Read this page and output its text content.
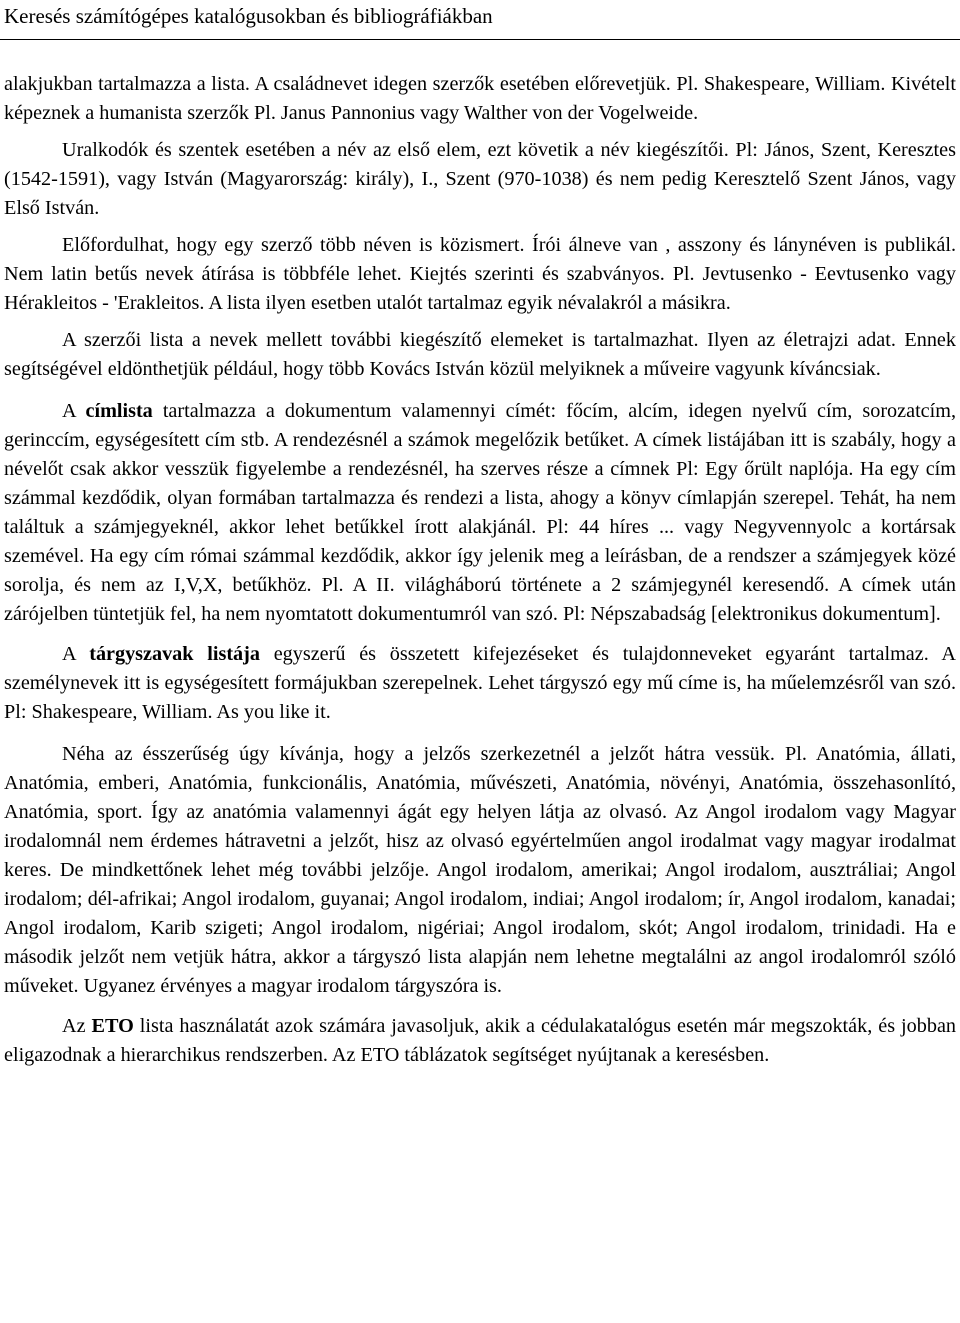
Keresés számítógépes katalógusokban és bibliográfiákban

alakjukban tartalmazza a lista. A családnevet idegen szerzők esetében előrevetjük. Pl. Shakespeare, William. Kivételt képeznek a humanista szerzők Pl. Janus Pannonius vagy Walther von der Vogelweide.

Uralkodók és szentek esetében a név az első elem, ezt követik a név kiegészítői. Pl: János, Szent, Keresztes (1542-1591), vagy István (Magyarország: király), I., Szent (970-1038) és nem pedig Keresztelő Szent János, vagy Első István.

Előfordulhat, hogy egy szerző több néven is közismert. Írói álneve van , asszony és lánynéven is publikál. Nem latin betűs nevek átírása is többféle lehet. Kiejtés szerinti és szabványos. Pl. Jevtusenko - Eevtusenko vagy Hérakleitos - 'Erakleitos. A lista ilyen esetben utalót tartalmaz egyik névalakról a másikra.

A szerzői lista a nevek mellett további kiegészítő elemeket is tartalmazhat. Ilyen az életrajzi adat. Ennek segítségével eldönthetjük például, hogy több Kovács István közül melyiknek a műveire vagyunk kíváncsiak.

A címlista tartalmazza a dokumentum valamennyi címét: főcím, alcím, idegen nyelvű cím, sorozatcím, gerinccím, egységesített cím stb. A rendezésnél a számok megelőzik betűket. A címek listájában itt is szabály, hogy a névelőt csak akkor vesszük figyelembe a rendezésnél, ha szerves része a címnek Pl: Egy őrült naplója. Ha egy cím számmal kezdődik, olyan formában tartalmazza és rendezi a lista, ahogy a könyv címlapján szerepel. Tehát, ha nem találtuk a számjegyeknél, akkor lehet betűkkel írott alakjánál. Pl: 44 híres ... vagy Negyvennyolc a kortársak szemével. Ha egy cím római számmal kezdődik, akkor így jelenik meg a leírásban, de a rendszer a számjegyek közé sorolja, és nem az I,V,X, betűkhöz. Pl. A II. világháború története a 2 számjegynél keresendő. A címek után zárójelben tüntetjük fel, ha nem nyomtatott dokumentumról van szó. Pl: Népszabadság [elektronikus dokumentum].

A tárgyszavak listája egyszerű és összetett kifejezéseket és tulajdonneveket egyaránt tartalmaz. A személynevek itt is egységesített formájukban szerepelnek. Lehet tárgyszó egy mű címe is, ha műelemzésről van szó. Pl: Shakespeare, William. As you like it.

Néha az ésszerűség úgy kívánja, hogy a jelzős szerkezetnél a jelzőt hátra vessük. Pl. Anatómia, állati, Anatómia, emberi, Anatómia, funkcionális, Anatómia, művészeti, Anatómia, növényi, Anatómia, összehasonlító, Anatómia, sport. Így az anatómia valamennyi ágát egy helyen látja az olvasó. Az Angol irodalom vagy Magyar irodalomnál nem érdemes hátravetni a jelzőt, hisz az olvasó egyértelműen angol irodalmat vagy magyar irodalmat keres. De mindkettőnek lehet még további jelzője. Angol irodalom, amerikai; Angol irodalom, ausztráliai; Angol irodalom; dél-afrikai; Angol irodalom, guyanai; Angol irodalom, indiai; Angol irodalom; ír, Angol irodalom, kanadai; Angol irodalom, Karib szigeti; Angol irodalom, nigériai; Angol irodalom, skót; Angol irodalom, trinidadi. Ha e második jelzőt nem vetjük hátra, akkor a tárgyszó lista alapján nem lehetne megtalálni az angol irodalomról szóló műveket. Ugyanez érvényes a magyar irodalom tárgyszóra is.

Az ETO lista használatát azok számára javasoljuk, akik a cédulakatalógus esetén már megszokták, és jobban eligazodnak a hierarchikus rendszerben. Az ETO táblázatok segítséget nyújtanak a keresésben.
